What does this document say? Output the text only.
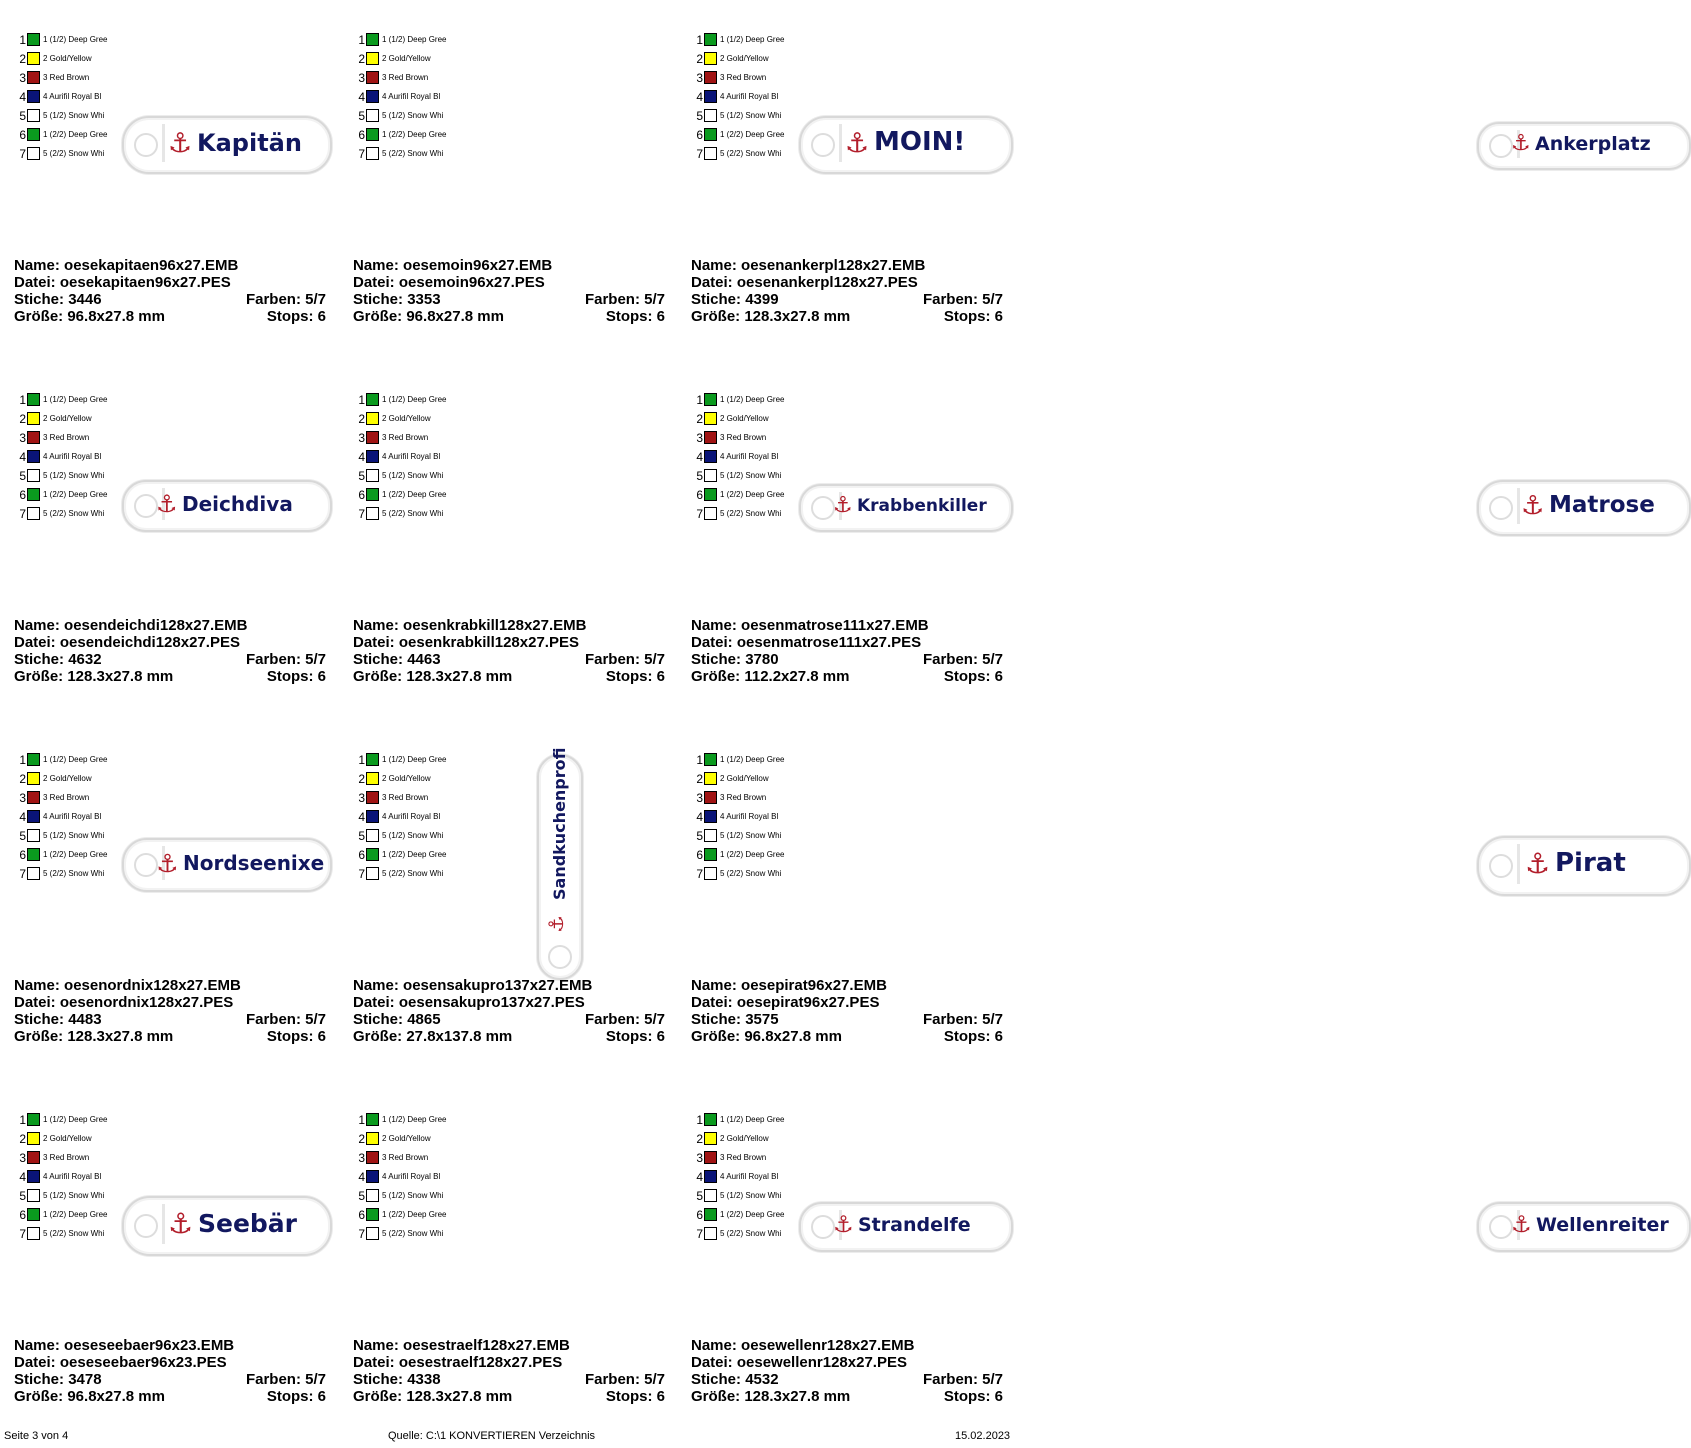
1 1 (1/2) Deep Gree
2 2 Gold/Yellow
3 3 Red Brown
4 4 Aurifil Royal Bl
5 5 (1/2) Snow Whi
6 1 (2/2) Deep Gree
7 5 (2/2) Snow Whi	⚓ Kapitän
Name: oesekapitaen96x27.EMB
Datei: oesekapitaen96x27.PES
Stiche: 3446	Farben: 5/7
Größe: 96.8x27.8 mm	Stops: 6
1 1 (1/2) Deep Gree
2 2 Gold/Yellow
3 3 Red Brown
4 4 Aurifil Royal Bl
5 5 (1/2) Snow Whi
6 1 (2/2) Deep Gree
7 5 (2/2) Snow Whi	⚓ MOIN!
Name: oesemoin96x27.EMB
Datei: oesemoin96x27.PES
Stiche: 3353	Farben: 5/7
Größe: 96.8x27.8 mm	Stops: 6
1 1 (1/2) Deep Gree
2 2 Gold/Yellow
3 3 Red Brown
4 4 Aurifil Royal Bl
5 5 (1/2) Snow Whi
6 1 (2/2) Deep Gree
7 5 (2/2) Snow Whi	⚓ Ankerplatz
Name: oesenankerpl128x27.EMB
Datei: oesenankerpl128x27.PES
Stiche: 4399	Farben: 5/7
Größe: 128.3x27.8 mm	Stops: 6
1 1 (1/2) Deep Gree
2 2 Gold/Yellow
3 3 Red Brown
4 4 Aurifil Royal Bl
5 5 (1/2) Snow Whi
6 1 (2/2) Deep Gree
7 5 (2/2) Snow Whi	⚓ Deichdiva
Name: oesendeichdi128x27.EMB
Datei: oesendeichdi128x27.PES
Stiche: 4632	Farben: 5/7
Größe: 128.3x27.8 mm	Stops: 6
1 1 (1/2) Deep Gree
2 2 Gold/Yellow
3 3 Red Brown
4 4 Aurifil Royal Bl
5 5 (1/2) Snow Whi
6 1 (2/2) Deep Gree
7 5 (2/2) Snow Whi	⚓ Krabbenkiller
Name: oesenkrabkill128x27.EMB
Datei: oesenkrabkill128x27.PES
Stiche: 4463	Farben: 5/7
Größe: 128.3x27.8 mm	Stops: 6
1 1 (1/2) Deep Gree
2 2 Gold/Yellow
3 3 Red Brown
4 4 Aurifil Royal Bl
5 5 (1/2) Snow Whi
6 1 (2/2) Deep Gree
7 5 (2/2) Snow Whi	⚓ Matrose
Name: oesenmatrose111x27.EMB
Datei: oesenmatrose111x27.PES
Stiche: 3780	Farben: 5/7
Größe: 112.2x27.8 mm	Stops: 6
1 1 (1/2) Deep Gree
2 2 Gold/Yellow
3 3 Red Brown
4 4 Aurifil Royal Bl
5 5 (1/2) Snow Whi
6 1 (2/2) Deep Gree
7 5 (2/2) Snow Whi	⚓ Nordseenixe
Name: oesenordnix128x27.EMB
Datei: oesenordnix128x27.PES
Stiche: 4483	Farben: 5/7
Größe: 128.3x27.8 mm	Stops: 6
1 1 (1/2) Deep Gree
2 2 Gold/Yellow
3 3 Red Brown
4 4 Aurifil Royal Bl
5 5 (1/2) Snow Whi
6 1 (2/2) Deep Gree
7 5 (2/2) Snow Whi
⚓
Sandkuchenprofi
Name: oesensakupro137x27.EMB
Datei: oesensakupro137x27.PES
Stiche: 4865	Farben: 5/7
Größe: 27.8x137.8 mm	Stops: 6
1 1 (1/2) Deep Gree
2 2 Gold/Yellow
3 3 Red Brown
4 4 Aurifil Royal Bl
5 5 (1/2) Snow Whi
6 1 (2/2) Deep Gree
7 5 (2/2) Snow Whi	⚓ Pirat
Name: oesepirat96x27.EMB
Datei: oesepirat96x27.PES
Stiche: 3575	Farben: 5/7
Größe: 96.8x27.8 mm	Stops: 6
1 1 (1/2) Deep Gree
2 2 Gold/Yellow
3 3 Red Brown
4 4 Aurifil Royal Bl
5 5 (1/2) Snow Whi
6 1 (2/2) Deep Gree
7 5 (2/2) Snow Whi	⚓ Seebär
Name: oeseseebaer96x23.EMB
Datei: oeseseebaer96x23.PES
Stiche: 3478	Farben: 5/7
Größe: 96.8x27.8 mm	Stops: 6
1 1 (1/2) Deep Gree
2 2 Gold/Yellow
3 3 Red Brown
4 4 Aurifil Royal Bl
5 5 (1/2) Snow Whi
6 1 (2/2) Deep Gree
7 5 (2/2) Snow Whi	⚓ Strandelfe
Name: oesestraelf128x27.EMB
Datei: oesestraelf128x27.PES
Stiche: 4338	Farben: 5/7
Größe: 128.3x27.8 mm	Stops: 6
1 1 (1/2) Deep Gree
2 2 Gold/Yellow
3 3 Red Brown
4 4 Aurifil Royal Bl
5 5 (1/2) Snow Whi
6 1 (2/2) Deep Gree
7 5 (2/2) Snow Whi	⚓ Wellenreiter
Name: oesewellenr128x27.EMB
Datei: oesewellenr128x27.PES
Stiche: 4532	Farben: 5/7
Größe: 128.3x27.8 mm	Stops: 6
Seite 3 von 4	Quelle: C:\1 KONVERTIEREN Verzeichnis	15.02.2023
